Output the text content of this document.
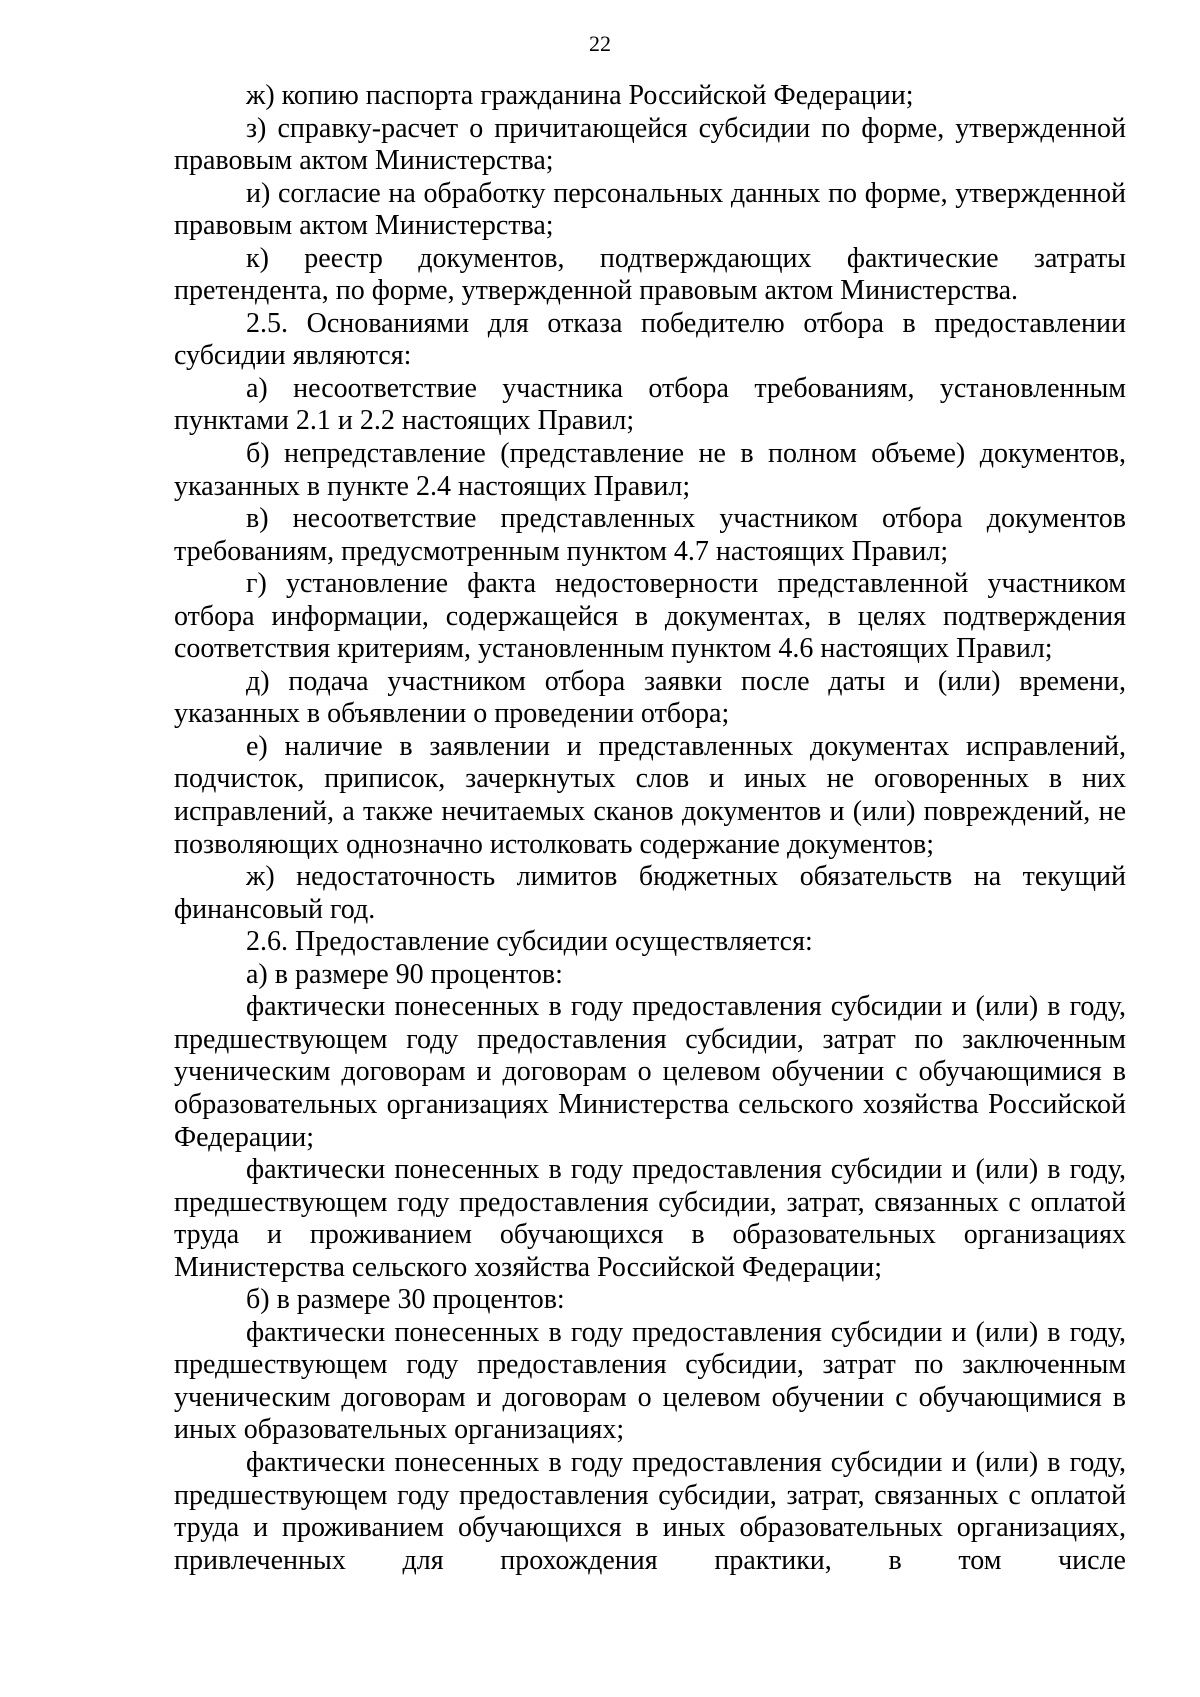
22

ж) копию паспорта гражданина Российской Федерации;

з) справку-расчет о причитающейся субсидии по форме, утвержденной правовым актом Министерства;

и) согласие на обработку персональных данных по форме, утвержденной правовым актом Министерства;

к) реестр документов, подтверждающих фактические затраты претендента, по форме, утвержденной правовым актом Министерства.

2.5. Основаниями для отказа победителю отбора в предоставлении субсидии являются:

а) несоответствие участника отбора требованиям, установленным пунктами 2.1 и 2.2 настоящих Правил;

б) непредставление (представление не в полном объеме) документов, указанных в пункте 2.4 настоящих Правил;

в) несоответствие представленных участником отбора документов требованиям, предусмотренным пунктом 4.7 настоящих Правил;

г) установление факта недостоверности представленной участником отбора информации, содержащейся в документах, в целях подтверждения соответствия критериям, установленным пунктом 4.6 настоящих Правил;

д) подача участником отбора заявки после даты и (или) времени, указанных в объявлении о проведении отбора;

е) наличие в заявлении и представленных документах исправлений, подчисток, приписок, зачеркнутых слов и иных не оговоренных в них исправлений, а также нечитаемых сканов документов и (или) повреждений, не позволяющих однозначно истолковать содержание документов;

ж) недостаточность лимитов бюджетных обязательств на текущий финансовый год.

2.6. Предоставление субсидии осуществляется:

а) в размере 90 процентов:

фактически понесенных в году предоставления субсидии и (или) в году, предшествующем году предоставления субсидии, затрат по заключенным ученическим договорам и договорам о целевом обучении с обучающимися в образовательных организациях Министерства сельского хозяйства Российской Федерации;

фактически понесенных в году предоставления субсидии и (или) в году, предшествующем году предоставления субсидии, затрат, связанных с оплатой труда и проживанием обучающихся в образовательных организациях Министерства сельского хозяйства Российской Федерации;

б) в размере 30 процентов:

фактически понесенных в году предоставления субсидии и (или) в году, предшествующем году предоставления субсидии, затрат по заключенным ученическим договорам и договорам о целевом обучении с обучающимися в иных образовательных организациях;

фактически понесенных в году предоставления субсидии и (или) в году, предшествующем году предоставления субсидии, затрат, связанных с оплатой труда и проживанием обучающихся в иных образовательных организациях, привлеченных для прохождения практики, в том числе
